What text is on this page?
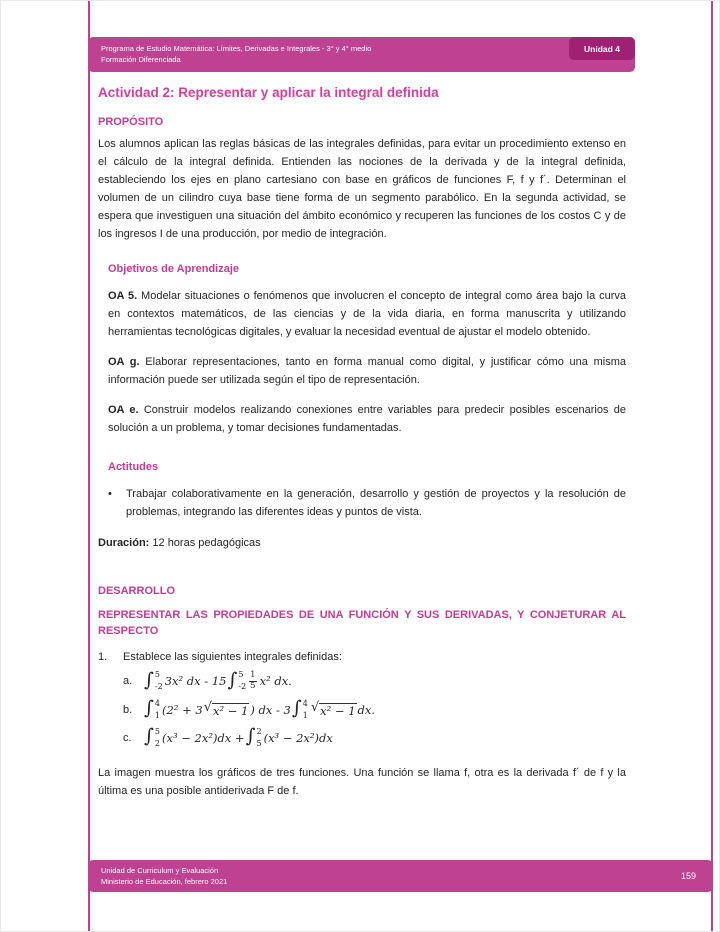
Programa de Estudio Matemática: Límites, Derivadas e Integrales - 3° y 4° medio
Formación Diferenciada
Unidad 4
Actividad 2: Representar y aplicar la integral definida
PROPÓSITO

Los alumnos aplican las reglas básicas de las integrales definidas, para evitar un procedimiento extenso en el cálculo de la integral definida. Entienden las nociones de la derivada y de la integral definida, estableciendo los ejes en plano cartesiano con base en gráficos de funciones F, f y f´. Determinan el volumen de un cilindro cuya base tiene forma de un segmento parabólico. En la segunda actividad, se espera que investiguen una situación del ámbito económico y recuperen las funciones de los costos C y de los ingresos I de una producción, por medio de integración.

Objetivos de Aprendizaje

OA 5. Modelar situaciones o fenómenos que involucren el concepto de integral como área bajo la curva en contextos matemáticos, de las ciencias y de la vida diaria, en forma manuscrita y utilizando herramientas tecnológicas digitales, y evaluar la necesidad eventual de ajustar el modelo obtenido.

OA g. Elaborar representaciones, tanto en forma manual como digital, y justificar cómo una misma información puede ser utilizada según el tipo de representación.

OA e. Construir modelos realizando conexiones entre variables para predecir posibles escenarios de solución a un problema, y tomar decisiones fundamentadas.

Actitudes
•	Trabajar colaborativamente en la generación, desarrollo y gestión de proyectos y la resolución de problemas, integrando las diferentes ideas y puntos de vista.

Duración: 12 horas pedagógicas

DESARROLLO
REPRESENTAR LAS PROPIEDADES DE UNA FUNCIÓN Y SUS DERIVADAS, Y CONJETURAR AL RESPECTO
1.	Establece las siguientes integrales definidas:
a. ∫ 5
-2 3x² dx - 15 ∫ 5
$-2 \frac{1}{5} x^2$ dx.
b. ∫ 4
1 (2² + 3 √ x² − 1 ) dx - 3 ∫ 4
1 √ x² − 1 dx.
c. ∫ 5
2 (x³ − 2x²)dx + ∫ 2
5 (x³ − 2x²)dx

La imagen muestra los gráficos de tres funciones. Una función se llama f, otra es la derivada f´ de f y la última es una posible antiderivada F de f.

Unidad de Curriculum y Evaluación
Ministerio de Educación, febrero 2021
159
